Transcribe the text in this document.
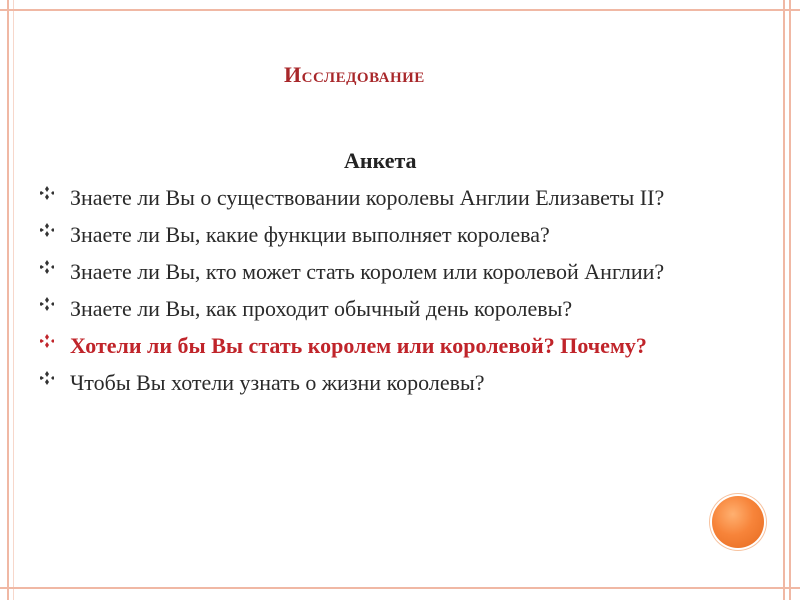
Исследование
Анкета
Знаете ли Вы о существовании королевы Англии Елизаветы II?
Знаете ли Вы, какие функции выполняет королева?
Знаете ли Вы, кто может стать королем или королевой Англии?
Знаете ли Вы, как проходит обычный день королевы?
Хотели ли бы Вы стать королем или королевой? Почему?
Чтобы Вы хотели узнать о жизни королевы?
